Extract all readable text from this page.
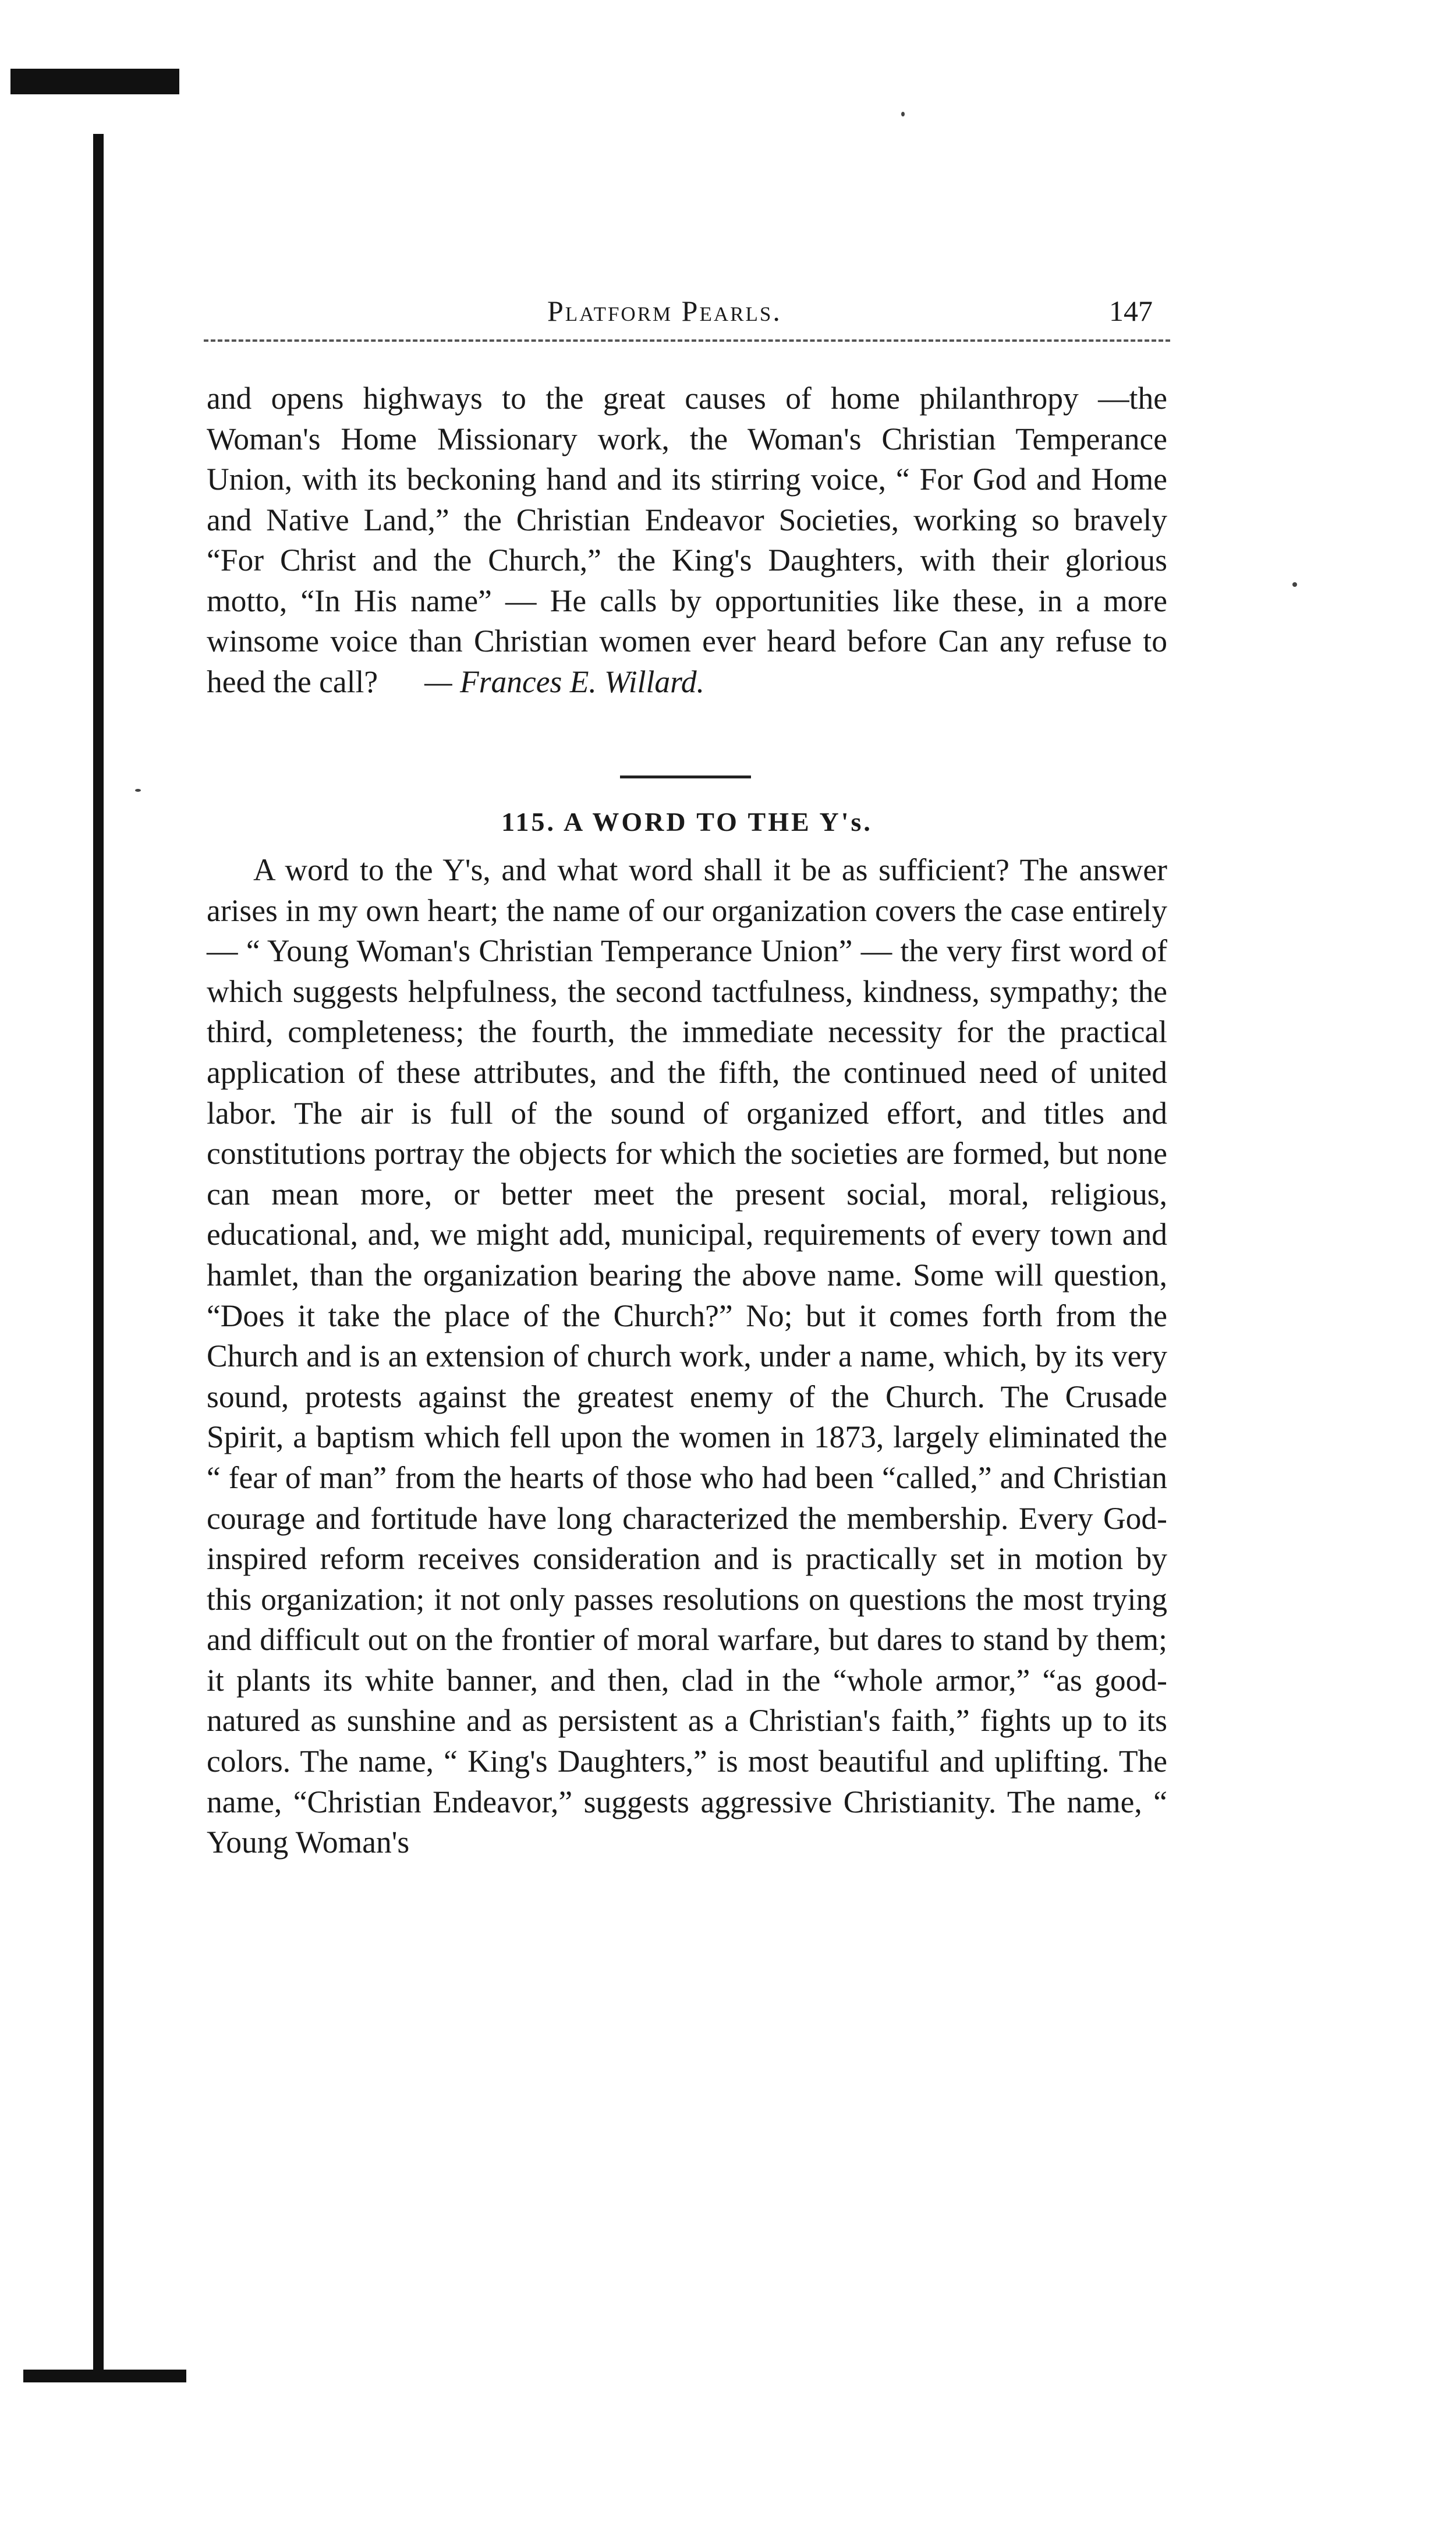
Platform Pearls.	147

and opens highways to the great causes of home philanthropy —the Woman's Home Missionary work, the Woman's Christian Temperance Union, with its beckoning hand and its stirring voice, “ For God and Home and Native Land,” the Christian Endeavor Societies, working so bravely “For Christ and the Church,” the King's Daughters, with their glorious motto, “In His name” — He calls by opportunities like these, in a more winsome voice than Christian women ever heard before Can any refuse to heed the call? — Frances E. Willard.

115. A WORD TO THE Y's.

A word to the Y's, and what word shall it be as sufficient? The answer arises in my own heart; the name of our organization covers the case entirely — “ Young Woman's Christian Temperance Union” — the very first word of which suggests helpfulness, the second tactfulness, kindness, sympathy; the third, completeness; the fourth, the immediate necessity for the practical application of these attributes, and the fifth, the continued need of united labor. The air is full of the sound of organized effort, and titles and constitutions portray the objects for which the societies are formed, but none can mean more, or better meet the present social, moral, religious, educational, and, we might add, municipal, requirements of every town and hamlet, than the organization bearing the above name. Some will question, “Does it take the place of the Church?” No; but it comes forth from the Church and is an extension of church work, under a name, which, by its very sound, protests against the greatest enemy of the Church. The Crusade Spirit, a baptism which fell upon the women in 1873, largely eliminated the “ fear of man” from the hearts of those who had been “called,” and Christian courage and fortitude have long characterized the membership. Every God-inspired reform receives consideration and is practically set in motion by this organization; it not only passes resolutions on questions the most trying and difficult out on the frontier of moral warfare, but dares to stand by them; it plants its white banner, and then, clad in the “whole armor,” “as good-natured as sunshine and as persistent as a Christian's faith,” fights up to its colors. The name, “ King's Daughters,” is most beautiful and uplifting. The name, “Christian Endeavor,” suggests aggressive Christianity. The name, “ Young Woman's
